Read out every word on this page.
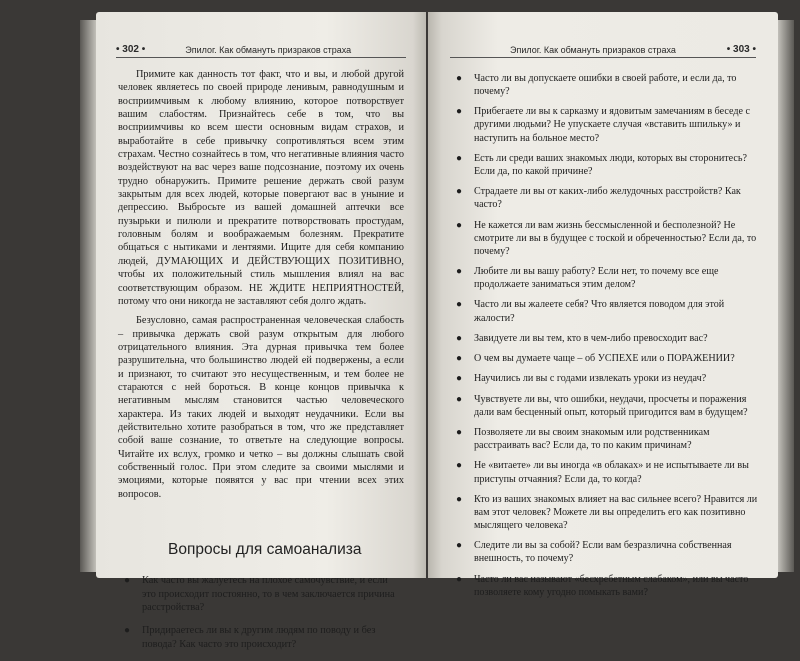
• 302 •	Эпилог. Как обмануть призраков страха

Примите как данность тот факт, что и вы, и любой другой человек являетесь по своей природе ленивым, равнодушным и восприимчивым к любому влиянию, которое потворствует вашим слабостям. Признайтесь себе в том, что вы восприимчивы ко всем шести основным видам страхов, и выработайте в себе привычку сопротивляться всем этим страхам. Честно сознайтесь в том, что негативные влияния часто воздействуют на вас через ваше подсознание, поэтому их очень трудно обнаружить. Примите решение держать свой разум закрытым для всех людей, которые повергают вас в уныние и депрессию. Выбросьте из вашей домашней аптечки все пузырьки и пилюли и прекратите потворствовать простудам, головным болям и воображаемым болезням. Прекратите общаться с нытиками и лентяями. Ищите для себя компанию людей, ДУМАЮЩИХ И ДЕЙСТВУЮЩИХ ПОЗИТИВНО, чтобы их положительный стиль мышления влиял на вас соответствующим образом. НЕ ЖДИТЕ НЕПРИЯТНОСТЕЙ, потому что они никогда не заставляют себя долго ждать.

Безусловно, самая распространенная человеческая слабость – привычка держать свой разум открытым для любого отрицательного влияния. Эта дурная привычка тем более разрушительна, что большинство людей ей подвержены, а если и признают, то считают это несущественным, и тем более не стараются с ней бороться. В конце концов привычка к негативным мыслям становится частью человеческого характера. Из таких людей и выходят неудачники. Если вы действительно хотите разобраться в том, что же представляет собой ваше сознание, то ответьте на следующие вопросы. Читайте их вслух, громко и четко – вы должны слышать свой собственный голос. При этом следите за своими мыслями и эмоциями, которые появятся у вас при чтении всех этих вопросов.

Вопросы для самоанализа
● Как часто вы жалуетесь на плохое самочувствие, и если это происходит постоянно, то в чем заключается причина расстройства?
● Придираетесь ли вы к другим людям по поводу и без повода? Как часто это происходит?
Эпилог. Как обмануть призраков страха	• 303 •
● Часто ли вы допускаете ошибки в своей работе, и если да, то почему?
● Прибегаете ли вы к сарказму и ядовитым замечаниям в беседе с другими людьми? Не упускаете случая «вставить шпильку» и наступить на больное место?
● Есть ли среди ваших знакомых люди, которых вы сторонитесь? Если да, по какой причине?
● Страдаете ли вы от каких-либо желудочных расстройств? Как часто?
● Не кажется ли вам жизнь бессмысленной и бесполезной? Не смотрите ли вы в будущее с тоской и обреченностью? Если да, то почему?
● Любите ли вы вашу работу? Если нет, то почему все еще продолжаете заниматься этим делом?
● Часто ли вы жалеете себя? Что является поводом для этой жалости?
● Завидуете ли вы тем, кто в чем-либо превосходит вас?
● О чем вы думаете чаще – об УСПЕХЕ или о ПОРАЖЕНИИ?
● Научились ли вы с годами извлекать уроки из неудач?
● Чувствуете ли вы, что ошибки, неудачи, просчеты и поражения дали вам бесценный опыт, который пригодится вам в будущем?
● Позволяете ли вы своим знакомым или родственникам расстраивать вас? Если да, то по каким причинам?
● Не «витаете» ли вы иногда «в облаках» и не испытываете ли вы приступы отчаяния? Если да, то когда?
● Кто из ваших знакомых влияет на вас сильнее всего? Нравится ли вам этот человек? Можете ли вы определить его как позитивно мыслящего человека?
● Следите ли вы за собой? Если вам безразлична собственная внешность, то почему?
● Часто ли вас называют «бесхребетным слабаком», или вы часто позволяете кому угодно помыкать вами?
